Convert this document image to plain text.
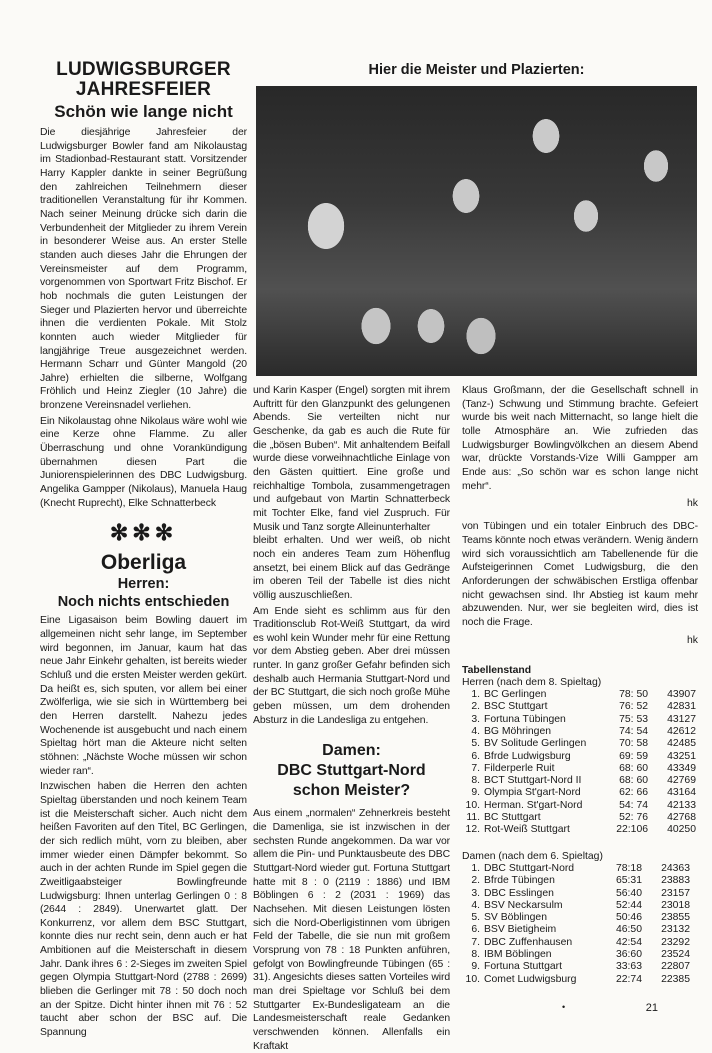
LUDWIGSBURGER JAHRESFEIER
Schön wie lange nicht

Die diesjährige Jahresfeier der Ludwigsburger Bowler fand am Nikolaustag im Stadionbad-Restaurant statt. Vorsitzender Harry Kappler dankte in seiner Begrüßung den zahlreichen Teilnehmern dieser traditionellen Veranstaltung für ihr Kommen. Nach seiner Meinung drücke sich darin die Verbundenheit der Mitglieder zu ihrem Verein in besonderer Weise aus. An erster Stelle standen auch dieses Jahr die Ehrungen der Vereinsmeister auf dem Programm, vorgenommen von Sportwart Fritz Bischof. Er hob nochmals die guten Leistungen der Sieger und Plazierten hervor und überreichte ihnen die verdienten Pokale. Mit Stolz konnten auch wieder Mitglieder für langjährige Treue ausgezeichnet werden. Hermann Scharr und Günter Mangold (20 Jahre) erhielten die silberne, Wolfgang Fröhlich und Heinz Ziegler (10 Jahre) die bronzene Vereinsnadel verliehen.

Ein Nikolaustag ohne Nikolaus wäre wohl wie eine Kerze ohne Flamme. Zu aller Überraschung und ohne Vorankündigung übernahmen diesen Part die Juniorenspielerinnen des DBC Ludwigsburg. Angelika Gampper (Nikolaus), Manuela Haug (Knecht Ruprecht), Elke Schnatterbeck

✻✻✻
Oberliga
Herren:
Noch nichts entschieden

Eine Ligasaison beim Bowling dauert im allgemeinen nicht sehr lange, im September wird begonnen, im Januar, kaum hat das neue Jahr Einkehr gehalten, ist bereits wieder Schluß und die ersten Meister werden gekürt. Da heißt es, sich sputen, vor allem bei einer Zwölferliga, wie sie sich in Württemberg bei den Herren darstellt. Nahezu jedes Wochenende ist ausgebucht und nach einem Spieltag hört man die Akteure nicht selten stöhnen: „Nächste Woche müssen wir schon wieder ran“.

Inzwischen haben die Herren den achten Spieltag überstanden und noch keinem Team ist die Meisterschaft sicher. Auch nicht dem heißen Favoriten auf den Titel, BC Gerlingen, der sich redlich müht, vorn zu bleiben, aber immer wieder einen Dämpfer bekommt. So auch in der achten Runde im Spiel gegen die Zweitligaabsteiger Bowlingfreunde Ludwigsburg: Ihnen unterlag Gerlingen 0 : 8 (2644 : 2849). Unerwartet glatt. Der Konkurrenz, vor allem dem BSC Stuttgart, konnte dies nur recht sein, denn auch er hat Ambitionen auf die Meisterschaft in diesem Jahr. Dank ihres 6 : 2-Sieges im zweiten Spiel gegen Olympia Stuttgart-Nord (2788 : 2699) blieben die Gerlinger mit 78 : 50 doch noch an der Spitze. Dicht hinter ihnen mit 76 : 52 taucht aber schon der BSC auf. Die Spannung

Hier die Meister und Plazierten:

und Karin Kasper (Engel) sorgten mit ihrem Auftritt für den Glanzpunkt des gelungenen Abends. Sie verteilten nicht nur Geschenke, da gab es auch die Rute für die „bösen Buben“. Mit anhaltendem Beifall wurde diese vorweihnachtliche Einlage von den Gästen quittiert. Eine große und reichhaltige Tombola, zusammengetragen und aufgebaut von Martin Schnatterbeck mit Tochter Elke, fand viel Zuspruch. Für Musik und Tanz sorgte Alleinunterhalter

bleibt erhalten. Und wer weiß, ob nicht noch ein anderes Team zum Höhenflug ansetzt, bei einem Blick auf das Gedränge im oberen Teil der Tabelle ist dies nicht völlig auszuschließen.

Am Ende sieht es schlimm aus für den Traditionsclub Rot-Weiß Stuttgart, da wird es wohl kein Wunder mehr für eine Rettung vor dem Abstieg geben. Aber drei müssen runter. In ganz großer Gefahr befinden sich deshalb auch Hermania Stuttgart-Nord und der BC Stuttgart, die sich noch große Mühe geben müssen, um dem drohenden Absturz in die Landesliga zu entgehen.

Damen:
DBC Stuttgart-Nord
schon Meister?

Aus einem „normalen“ Zehnerkreis besteht die Damenliga, sie ist inzwischen in der sechsten Runde angekommen. Da war vor allem die Pin- und Punktausbeute des DBC Stuttgart-Nord wieder gut. Fortuna Stuttgart hatte mit 8 : 0 (2119 : 1886) und IBM Böblingen 6 : 2 (2031 : 1969) das Nachsehen. Mit diesen Leistungen lösten sich die Nord-Oberligistinnen vom übrigen Feld der Tabelle, die sie nun mit großem Vorsprung von 78 : 18 Punkten anführen, gefolgt von Bowlingfreunde Tübingen (65 : 31). Angesichts dieses satten Vorteiles wird man drei Spieltage vor Schluß bei dem Stuttgarter Ex-Bundesligateam an die Landesmeisterschaft reale Gedanken verschwenden können. Allenfalls ein Kraftakt

Klaus Großmann, der die Gesellschaft schnell in (Tanz-) Schwung und Stimmung brachte. Gefeiert wurde bis weit nach Mitternacht, so lange hielt die tolle Atmosphäre an. Wie zufrieden das Ludwigsburger Bowlingvölkchen an diesem Abend war, drückte Vorstands-Vize Willi Gampper am Ende aus: „So schön war es schon lange nicht mehr“.

hk

von Tübingen und ein totaler Einbruch des DBC-Teams könnte noch etwas verändern. Wenig ändern wird sich voraussichtlich am Tabellenende für die Aufsteigerinnen Comet Ludwigsburg, die den Anforderungen der schwäbischen Erstliga offenbar nicht gewachsen sind. Ihr Abstieg ist kaum mehr abzuwenden. Nur, wer sie begleiten wird, dies ist noch die Frage.

hk
Tabellenstand
Herren (nach dem 8. Spieltag)
1. BC Gerlingen	78: 50	43907
2. BSC Stuttgart	76: 52	42831
3. Fortuna Tübingen	75: 53	43127
4. BG Möhringen	74: 54	42612
5. BV Solitude Gerlingen	70: 58	42485
6. Bfrde Ludwigsburg	69: 59	43251
7. Filderperle Ruit	68: 60	43349
8. BCT Stuttgart-Nord II	68: 60	42769
9. Olympia St'gart-Nord	62: 66	43164
10. Herman. St'gart-Nord	54: 74	42133
11. BC Stuttgart	52: 76	42768
12. Rot-Weiß Stuttgart	22:106	40250
Damen (nach dem 6. Spieltag)
1. DBC Stuttgart-Nord	78:18	24363
2. Bfrde Tübingen	65:31	23883
3. DBC Esslingen	56:40	23157
4. BSV Neckarsulm	52:44	23018
5. SV Böblingen	50:46	23855
6. BSV Bietigheim	46:50	23132
7. DBC Zuffenhausen	42:54	23292
8. IBM Böblingen	36:60	23524
9. Fortuna Stuttgart	33:63	22807
10. Comet Ludwigsburg	22:74	22385
•	21
